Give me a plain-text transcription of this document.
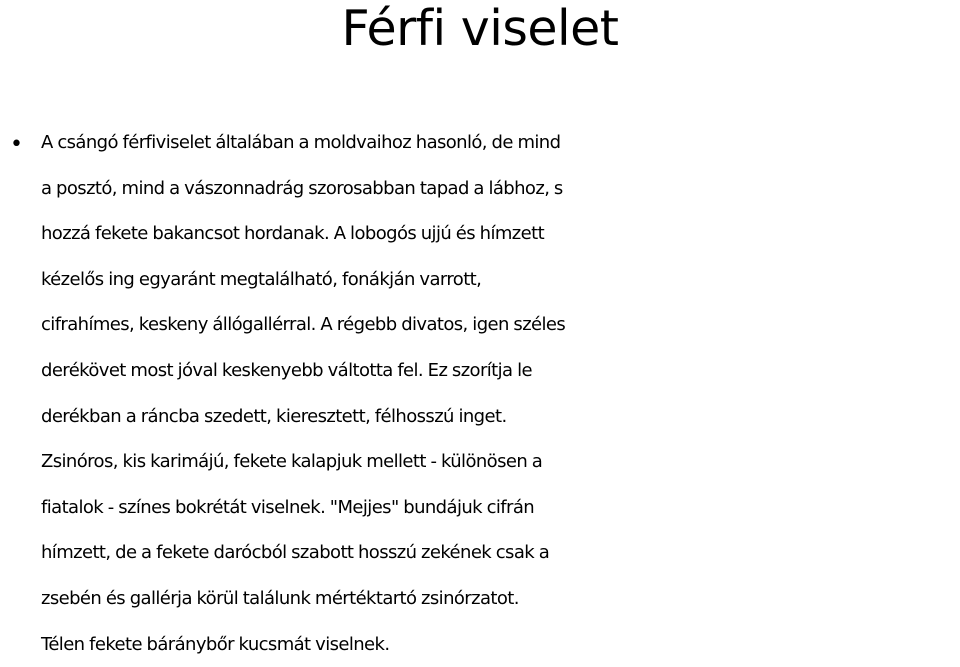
Férfi viselet
• A csángó férfiviselet általában a moldvaihoz hasonló, de mind
a posztó, mind a vászonnadrág szorosabban tapad a lábhoz, s
hozzá fekete bakancsot hordanak. A lobogós ujjú és hímzett
kézelős ing egyaránt megtalálható, fonákján varrott,
cifrahímes, keskeny állógallérral. A régebb divatos, igen széles
derékövet most jóval keskenyebb váltotta fel. Ez szorítja le
derékban a ráncba szedett, kieresztett, félhosszú inget.
Zsinóros, kis karimájú, fekete kalapjuk mellett - különösen a
fiatalok - színes bokrétát viselnek. "Mejjes" bundájuk cifrán
hímzett, de a fekete darócból szabott hosszú zekének csak a
zsebén és gallérja körül találunk mértéktartó zsinórzatot.
Télen fekete báránybőr kucsmát viselnek.
